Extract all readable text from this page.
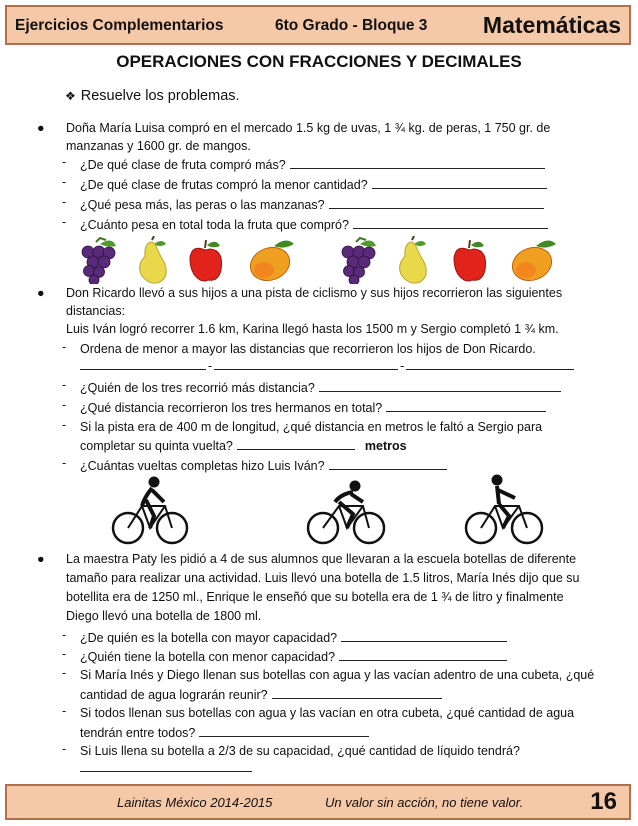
Ejercicios Complementarios	6to Grado - Bloque 3 Matemáticas
OPERACIONES CON FRACCIONES Y DECIMALES
❖ Resuelve los problemas.
● Doña María Luisa compró en el mercado 1.5 kg de uvas, 1 ¾ kg. de peras, 1 750 gr. de
manzanas y 1600 gr. de mangos.
- ¿De qué clase de fruta compró más?
- ¿De qué clase de frutas compró la menor cantidad?
- ¿Qué pesa más, las peras o las manzanas?
- ¿Cuánto pesa en total toda la fruta que compró?
● Don Ricardo llevó a sus hijos a una pista de ciclismo y sus hijos recorrieron las siguientes
distancias:
Luis Iván logró recorrer 1.6 km, Karina llegó hasta los 1500 m y Sergio completó 1 ¾ km.
- Ordena de menor a mayor las distancias que recorrieron los hijos de Don Ricardo.
-	-
- ¿Quién de los tres recorrió más distancia?
- ¿Qué distancia recorrieron los tres hermanos en total?
- Si la pista era de 400 m de longitud, ¿qué distancia en metros le faltó a Sergio para
completar su quinta vuelta?	metros
- ¿Cuántas vueltas completas hizo Luis Iván?
● La maestra Paty les pidió a 4 de sus alumnos que llevaran a la escuela botellas de diferente
tamaño para realizar una actividad. Luis llevó una botella de 1.5 litros, María Inés dijo que su
botellita era de 1250 ml., Enrique le enseñó que su botella era de 1 ¾ de litro y finalmente
Diego llevó una botella de 1800 ml.
- ¿De quién es la botella con mayor capacidad?
- ¿Quién tiene la botella con menor capacidad?
- Si María Inés y Diego llenan sus botellas con agua y las vacían adentro de una cubeta, ¿qué
cantidad de agua lograrán reunir?
- Si todos llenan sus botellas con agua y las vacían en otra cubeta, ¿qué cantidad de agua
tendrán entre todos?
- Si Luis llena su botella a 2/3 de su capacidad, ¿qué cantidad de líquido tendrá?
Lainitas México 2014-2015	Un valor sin acción, no tiene valor.	16
